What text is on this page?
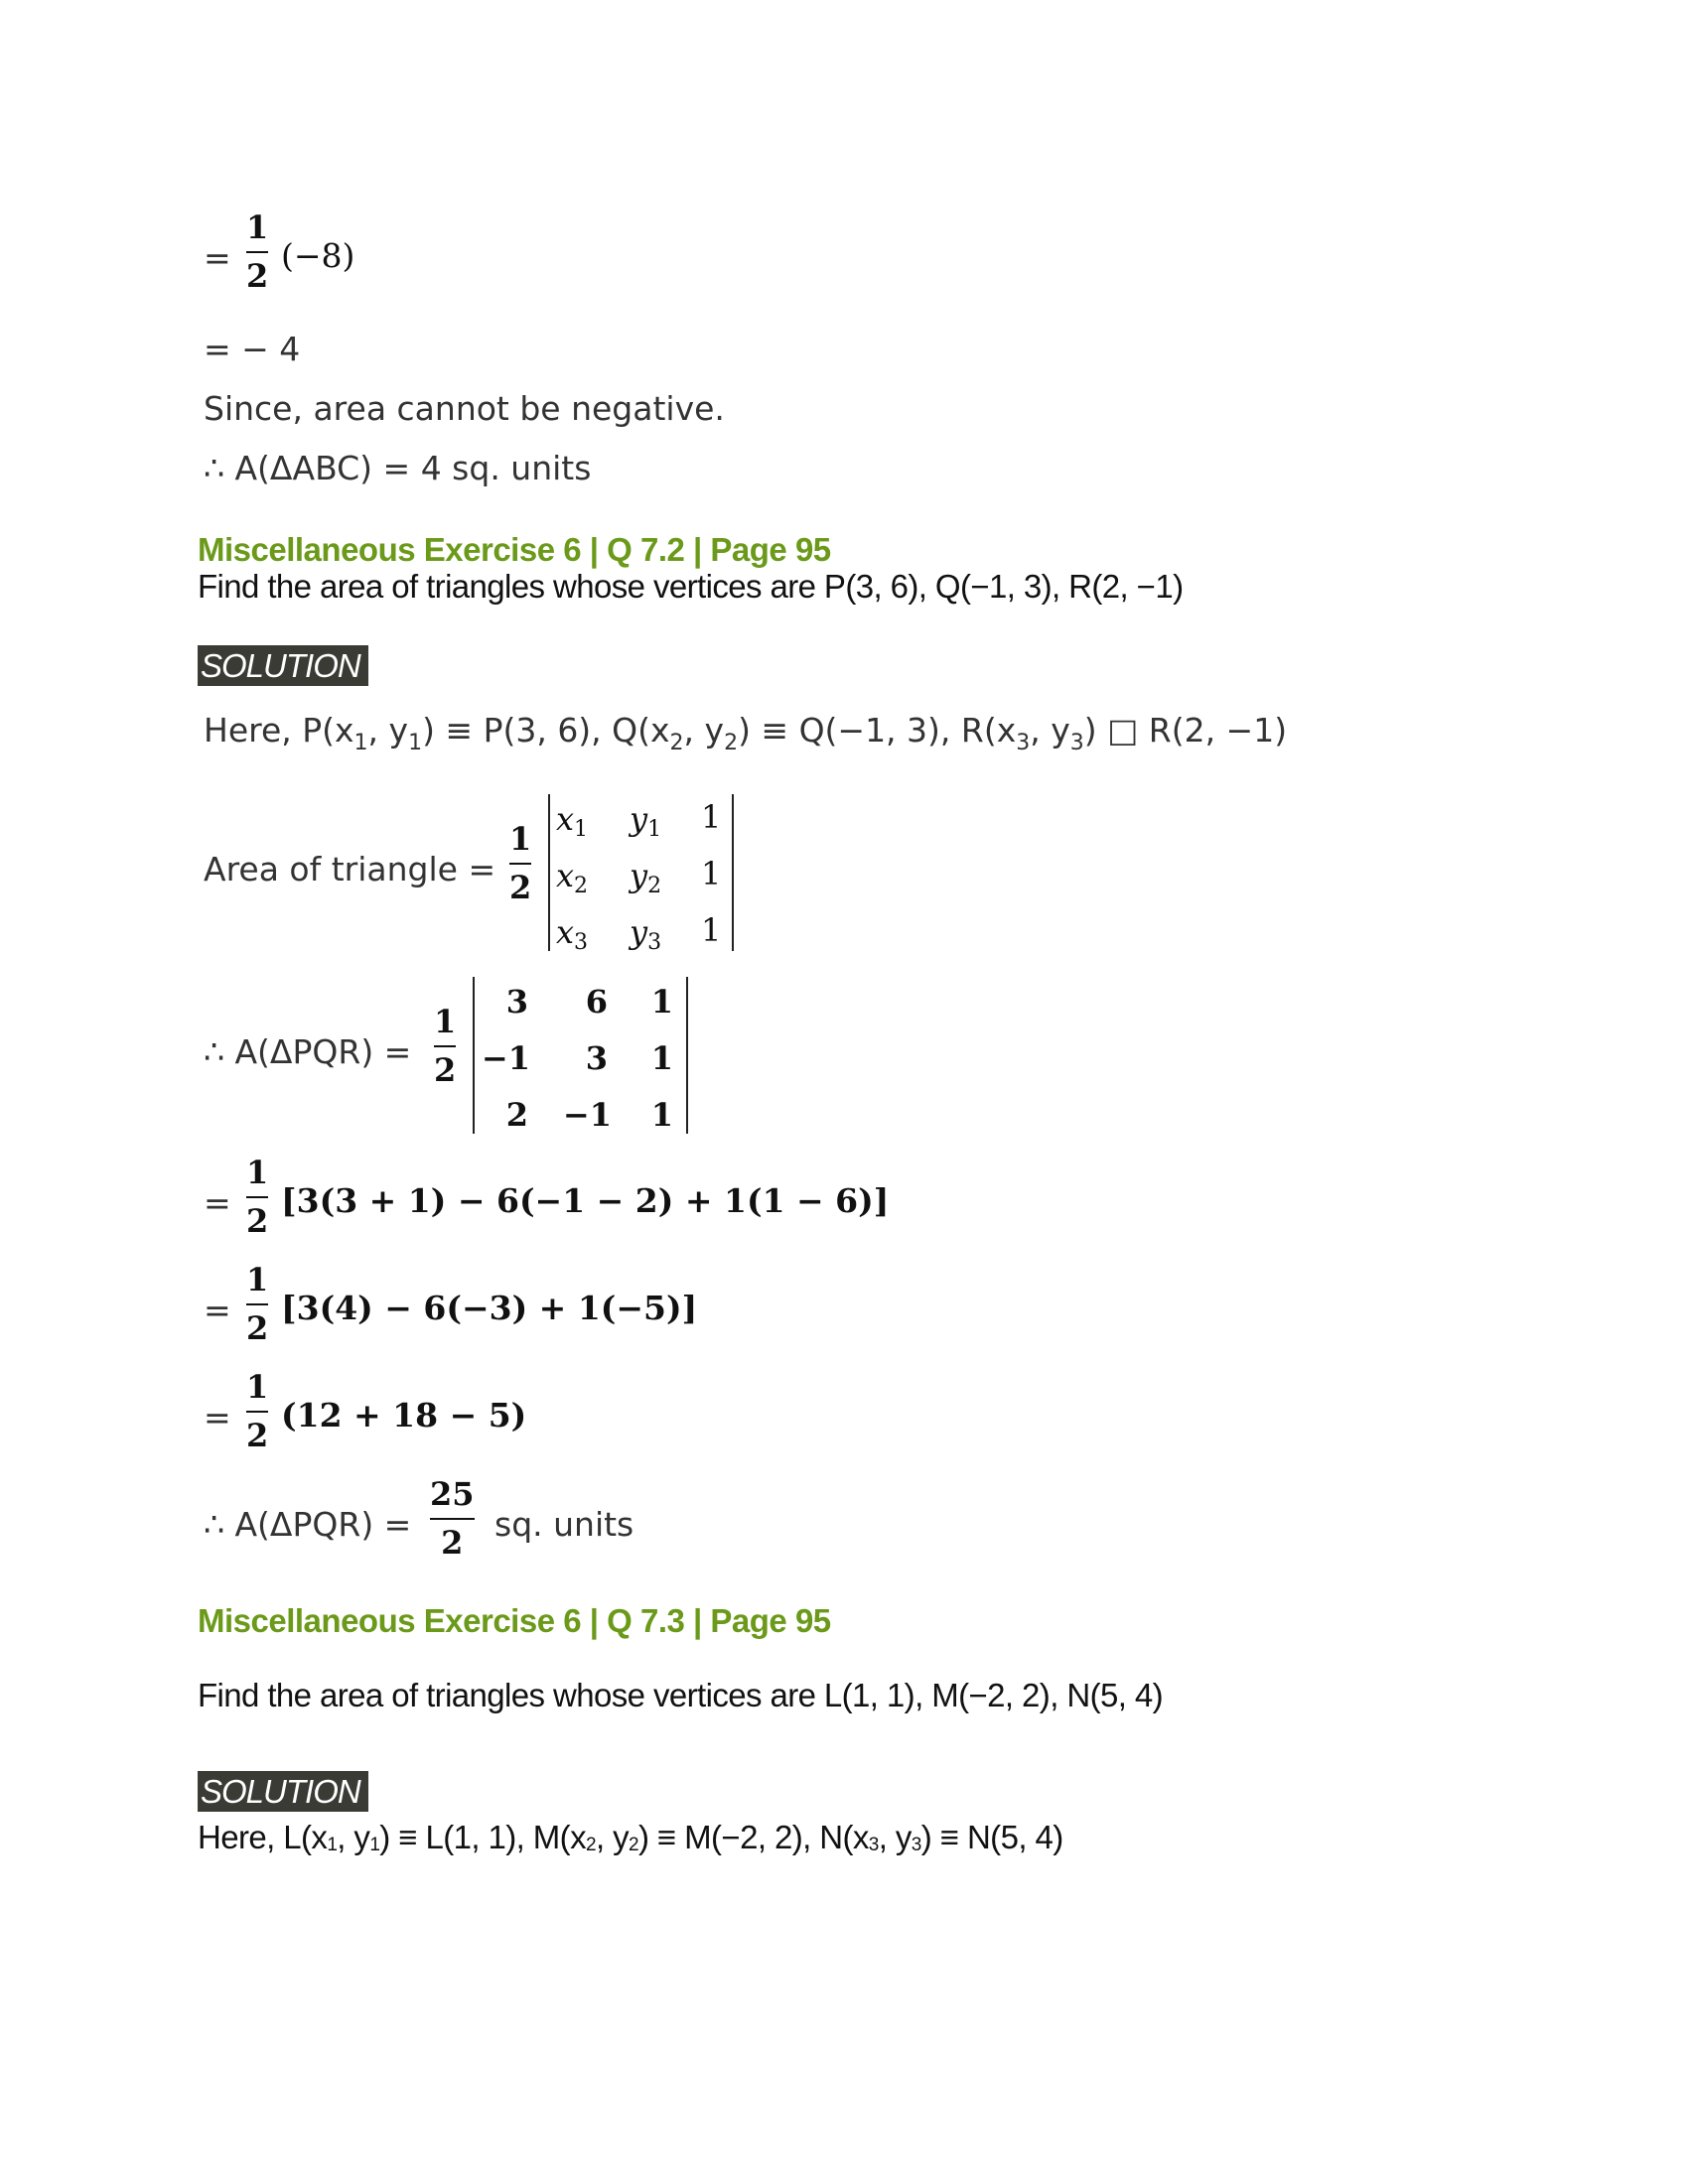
=
1
2
(−8)
= − 4
Since, area cannot be negative.
∴ A(ΔABC) = 4 sq. units
Miscellaneous Exercise 6 | Q 7.2 | Page 95
Find the area of triangles whose vertices are P(3, 6), Q(−1, 3), R(2, −1)
SOLUTION
Here, $P(x_1$, $y_1) \equiv P(3$, 6), $Q(x_2$, $y_2) \equiv Q(-1$, 3), $R(x_3$, $y_3$) □ R(2, −1)
Area of triangle =
1
2
$x_1$ $y_1$ 1
$x_2$ $y_2$ 1
$x_3$ $y_3$ 1
∴ A(ΔPQR) =
1
2
3 6 1
−1 3 1
2 −1 1
=
1
2
[3(3 + 1) − 6(−1 − 2) + 1(1 − 6)]
=
1
2
[3(4) − 6(−3) + 1(−5)]
=
1
2
(12 + 18 − 5)
∴ A(ΔPQR) =
25
2 sq. units
Miscellaneous Exercise 6 | Q 7.3 | Page 95
Find the area of triangles whose vertices are L(1, 1), M(−2, 2), N(5, 4)
SOLUTION
Here, $L(x_1$, $y_1) \equiv L(1$, 1), $M(x_2$, $y_2) \equiv M(-2$, 2), $N(x_3$, $y_3) \equiv N(5$, 4)
